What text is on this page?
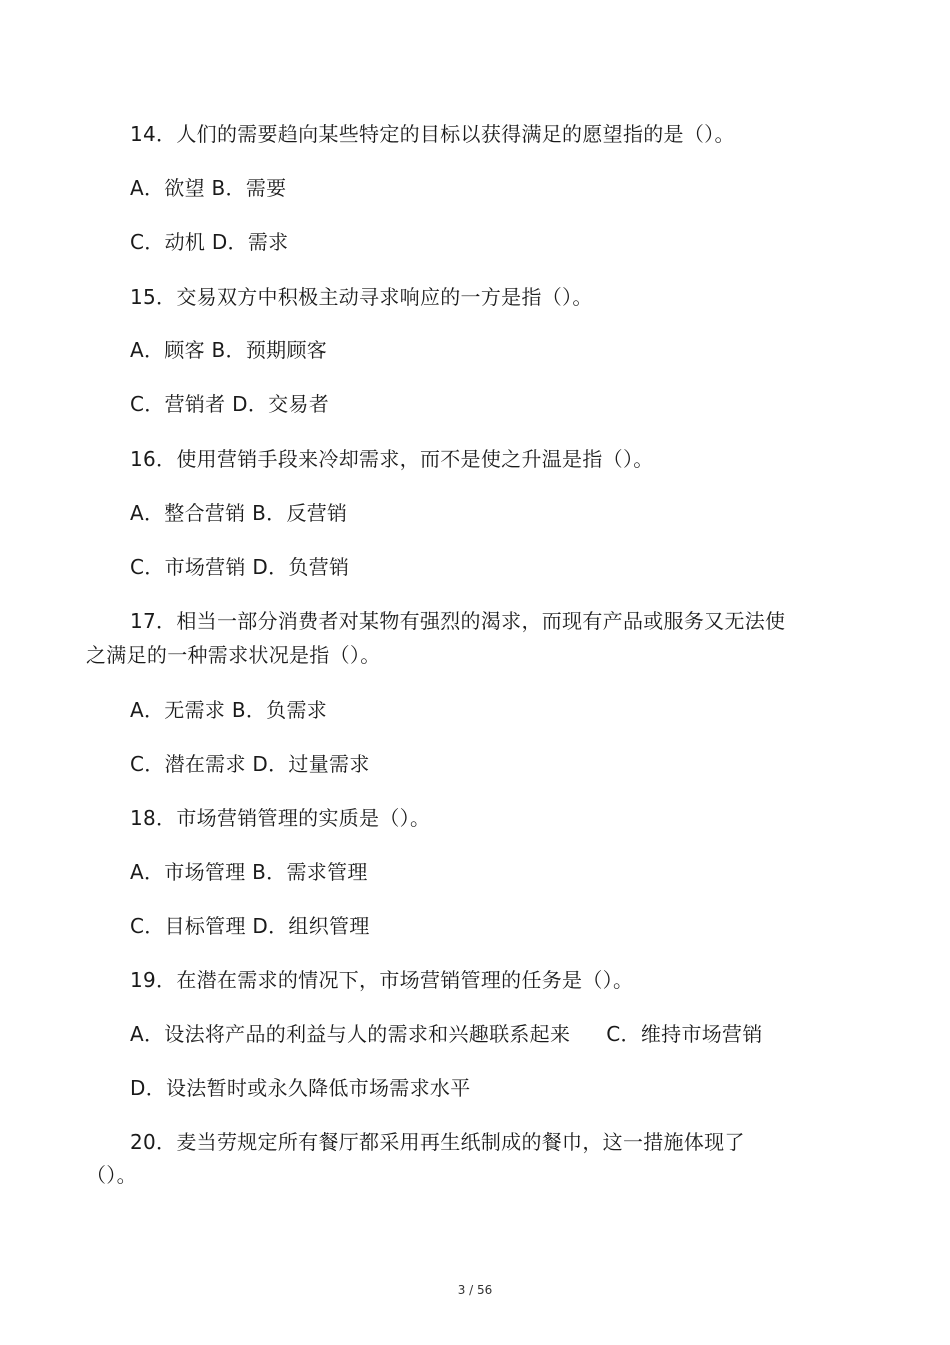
14．人们的需要趋向某些特定的目标以获得满足的愿望指的是（）。
A．欲望 B．需要
C．动机 D．需求
15．交易双方中积极主动寻求响应的一方是指（）。
A．顾客 B．预期顾客
C．营销者 D．交易者
16．使用营销手段来冷却需求，而不是使之升温是指（）。
A．整合营销 B．反营销
C．市场营销 D．负营销
17．相当一部分消费者对某物有强烈的渴求，而现有产品或服务又无法使
之满足的一种需求状况是指（）。
A．无需求 B．负需求
C．潜在需求 D．过量需求
18．市场营销管理的实质是（）。
A．市场管理 B．需求管理
C．目标管理 D．组织管理
19．在潜在需求的情况下，市场营销管理的任务是（）。
A．设法将产品的利益与人的需求和兴趣联系起来 C．维持市场营销
D．设法暂时或永久降低市场需求水平
20．麦当劳规定所有餐厅都采用再生纸制成的餐巾，这一措施体现了
（）。
3 / 56
